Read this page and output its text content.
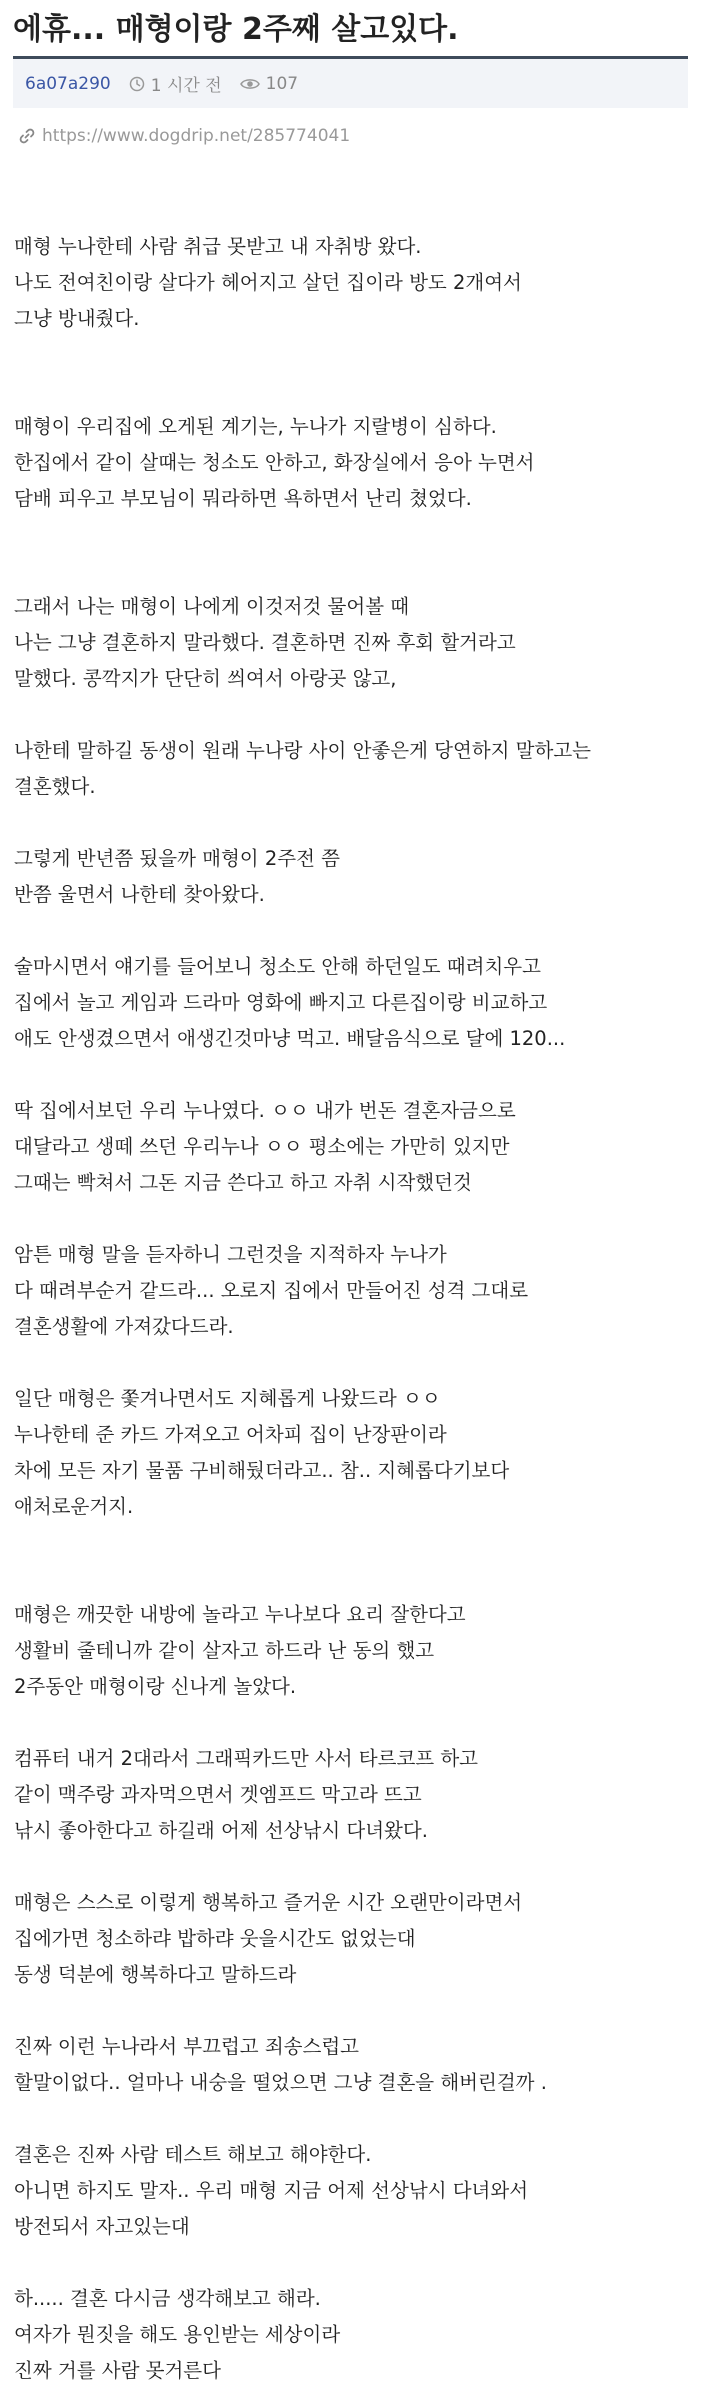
에휴... 매형이랑 2주째 살고있다.
6a07a290 1 시간 전	107
https://www.dogdrip.net/285774041
매형 누나한테 사람 취급 못받고 내 자취방 왔다.
나도 전여친이랑 살다가 헤어지고 살던 집이라 방도 2개여서
그냥 방내줬다.
매형이 우리집에 오게된 계기는, 누나가 지랄병이 심하다.
한집에서 같이 살때는 청소도 안하고, 화장실에서 응아 누면서
담배 피우고 부모님이 뭐라하면 욕하면서 난리 쳤었다.
그래서 나는 매형이 나에게 이것저것 물어볼 때
나는 그냥 결혼하지 말라했다. 결혼하면 진짜 후회 할거라고
말했다. 콩깍지가 단단히 씌여서 아랑곳 않고,
나한테 말하길 동생이 원래 누나랑 사이 안좋은게 당연하지 말하고는
결혼했다.
그렇게 반년쯤 됬을까 매형이 2주전 쯤
반쯤 울면서 나한테 찾아왔다.
술마시면서 얘기를 들어보니 청소도 안해 하던일도 때려치우고
집에서 놀고 게임과 드라마 영화에 빠지고 다른집이랑 비교하고
애도 안생겼으면서 애생긴것마냥 먹고. 배달음식으로 달에 120...
딱 집에서보던 우리 누나였다. ㅇㅇ 내가 번돈 결혼자금으로
대달라고 생떼 쓰던 우리누나 ㅇㅇ 평소에는 가만히 있지만
그때는 빡쳐서 그돈 지금 쓴다고 하고 자취 시작했던것
암튼 매형 말을 듣자하니 그런것을 지적하자 누나가
다 때려부순거 같드라... 오로지 집에서 만들어진 성격 그대로
결혼생활에 가져갔다드라.
일단 매형은 쫓겨나면서도 지혜롭게 나왔드라 ㅇㅇ
누나한테 준 카드 가져오고 어차피 집이 난장판이라
차에 모든 자기 물품 구비해뒀더라고.. 참.. 지혜롭다기보다
애처로운거지.
매형은 깨끗한 내방에 놀라고 누나보다 요리 잘한다고
생활비 줄테니까 같이 살자고 하드라 난 동의 했고
2주동안 매형이랑 신나게 놀았다.
컴퓨터 내거 2대라서 그래픽카드만 사서 타르코프 하고
같이 맥주랑 과자먹으면서 겟엠프드 막고라 뜨고
낚시 좋아한다고 하길래 어제 선상낚시 다녀왔다.
매형은 스스로 이렇게 행복하고 즐거운 시간 오랜만이라면서
집에가면 청소하랴 밥하랴 웃을시간도 없었는대
동생 덕분에 행복하다고 말하드라
진짜 이런 누나라서 부끄럽고 죄송스럽고
할말이없다.. 얼마나 내숭을 떨었으면 그냥 결혼을 해버린걸까 .
결혼은 진짜 사람 테스트 해보고 해야한다.
아니면 하지도 말자.. 우리 매형 지금 어제 선상낚시 다녀와서
방전되서 자고있는대
하..... 결혼 다시금 생각해보고 해라.
여자가 뭔짓을 해도 용인받는 세상이라
진짜 거를 사람 못거른다
